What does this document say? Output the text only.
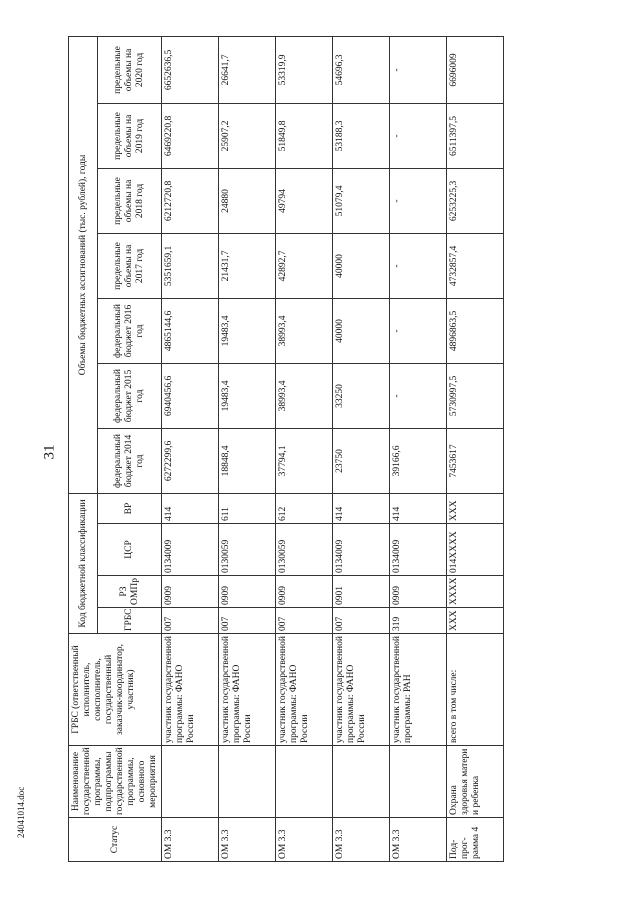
31
24041014.doc
Статус	Наименование государственной программы, подпрограммы государственной программы, основного мероприятия	ГРБС (ответственный исполнитель, соисполнитель, государственный заказчик-координатор, участник)	Код бюджетной классификации				Объемы бюджетных ассигнований (тыс. рублей), годы						
			ГРБС	РЗ ОМПр	ЦСР	ВР	федеральный бюджет 2014 год	федеральный бюджет 2015 год	федеральный бюджет 2016 год	предельные объемы на 2017 год	предельные объемы на 2018 год	предельные объемы на 2019 год	предельные объемы на 2020 год
ОМ 3.3		участник государственной программы: ФАНО России	007	0909	0134009	414	6272299,6	6940456,6	4865144,6	5351659,1	6212720,8	6469220,8	6652636,5
ОМ 3.3		участник государственной программы: ФАНО России	007	0909	0130059	611	18848,4	19483,4	19483,4	21431,7	24880	25907,2	26641,7
ОМ 3.3		участник государственной программы: ФАНО России	007	0909	0130059	612	37794,1	38993,4	38993,4	42892,7	49794	51849,8	53319,9
ОМ 3.3		участник государственной программы: ФАНО России	007	0901	0134009	414	23750	33250	40000	40000	51079,4	53188,3	54696,3
ОМ 3.3		участник государственной программы: РАН	319	0909	0134009	414	39166,6	-	-	-	-	-	-
Под-прог-рамма 4	Охрана здоровья матери и ребенка	всего в том числе:	XXX	XXXX	014XXXX	XXX	7453617	5730997,5	4896863,5	4732857,4	6253225,3	6511397,5	6696009
